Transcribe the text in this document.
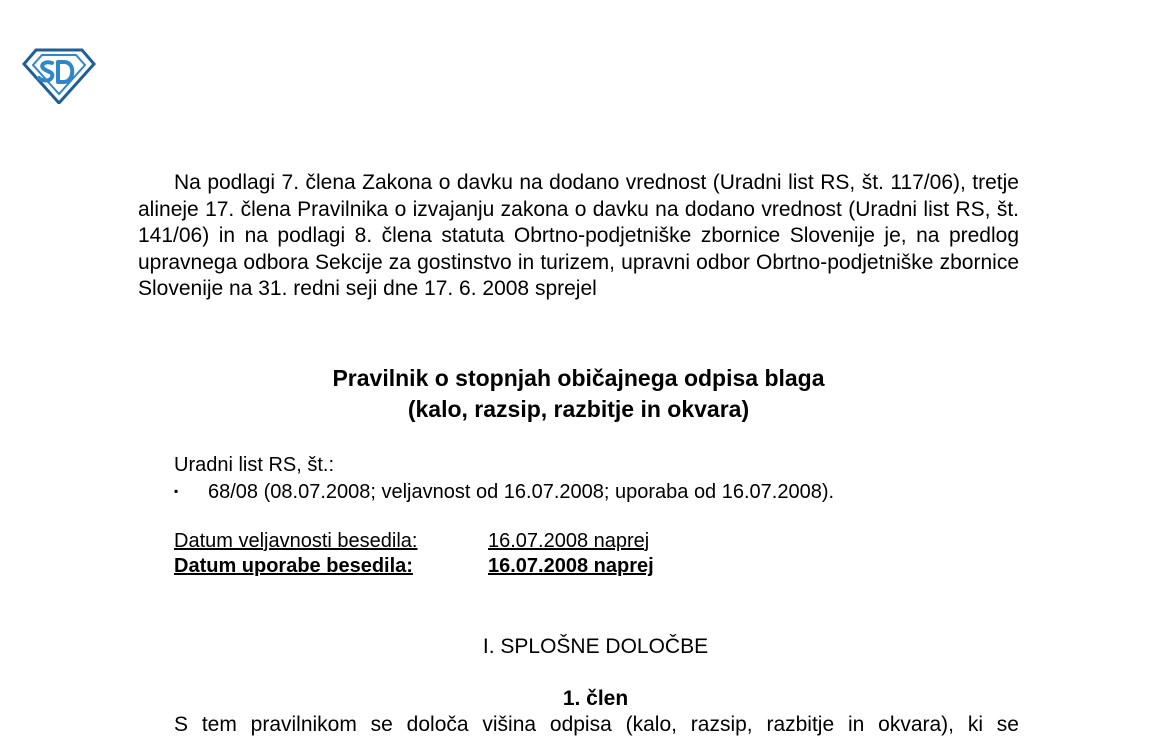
Na podlagi 7. člena Zakona o davku na dodano vrednost (Uradni list RS, št. 117/06), tretje alineje 17. člena Pravilnika o izvajanju zakona o davku na dodano vrednost (Uradni list RS, št. 141/06) in na podlagi 8. člena statuta Obrtno-podjetniške zbornice Slovenije je, na predlog upravnega odbora Sekcije za gostinstvo in turizem, upravni odbor Obrtno-podjetniške zbornice Slovenije na 31. redni seji dne 17. 6. 2008 sprejel

Pravilnik o stopnjah običajnega odpisa blaga
(kalo, razsip, razbitje in okvara)
Uradni list RS, št.:
▪ 68/08 (08.07.2008; veljavnost od 16.07.2008; uporaba od 16.07.2008).
Datum veljavnosti besedila:	16.07.2008 naprej
Datum uporabe besedila:	16.07.2008 naprej
I. SPLOŠNE DOLOČBE
1. člen
S tem pravilnikom se določa višina odpisa (kalo, razsip, razbitje in okvara), ki se
